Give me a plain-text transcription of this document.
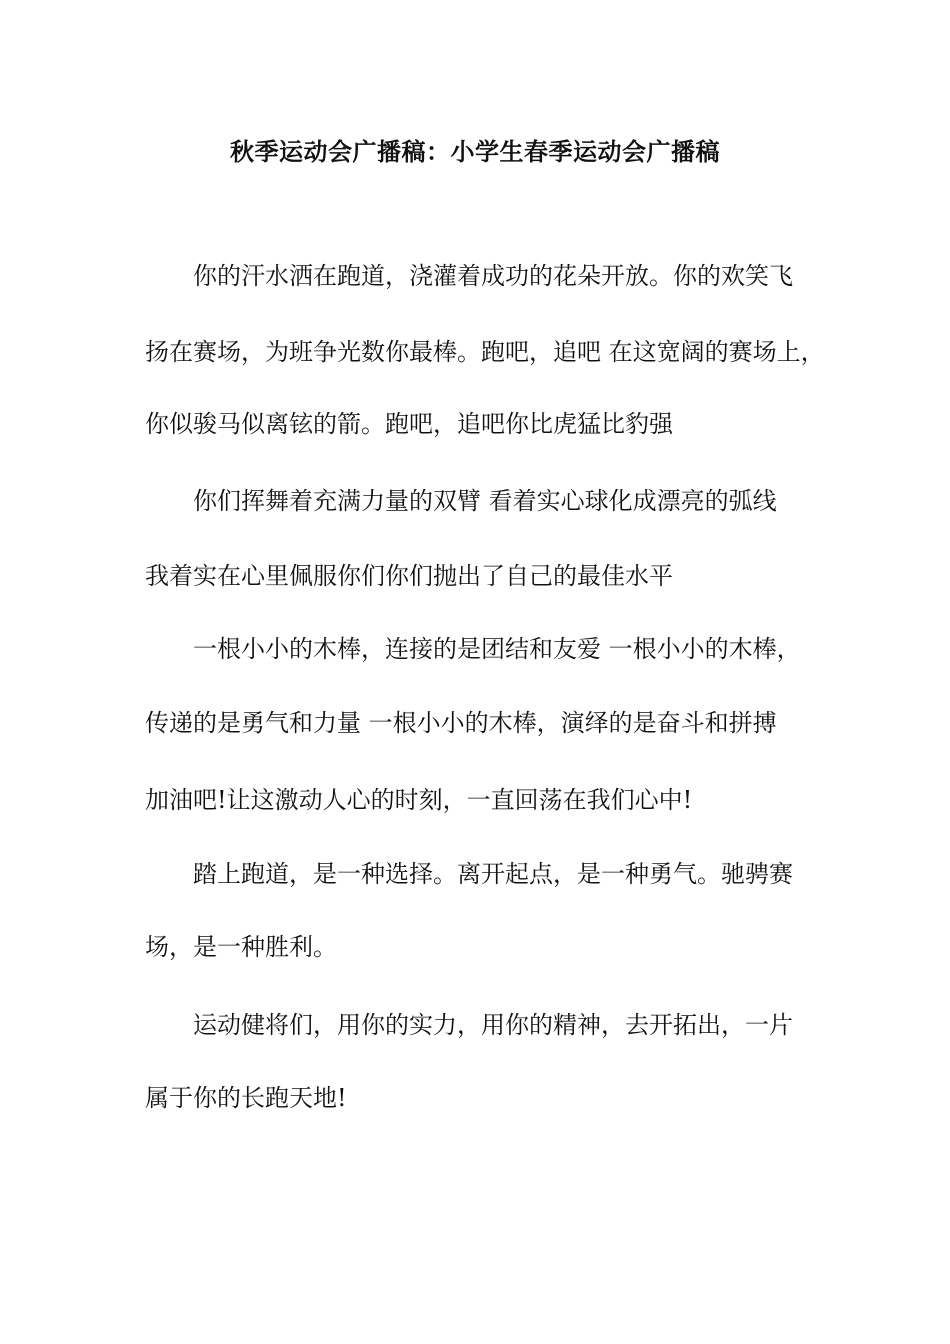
秋季运动会广播稿：小学生春季运动会广播稿
你的汗水洒在跑道，浇灌着成功的花朵开放。你的欢笑飞
扬在赛场，为班争光数你最棒。跑吧，追吧 在这宽阔的赛场上，
你似骏马似离铉的箭。跑吧，追吧你比虎猛比豹强
你们挥舞着充满力量的双臂 看着实心球化成漂亮的弧线
我着实在心里佩服你们你们抛出了自己的最佳水平
一根小小的木棒，连接的是团结和友爱 一根小小的木棒，
传递的是勇气和力量 一根小小的木棒，演绎的是奋斗和拼搏
加油吧!让这激动人心的时刻，一直回荡在我们心中!
踏上跑道，是一种选择。离开起点，是一种勇气。驰骋赛
场，是一种胜利。
运动健将们，用你的实力，用你的精神，去开拓出，一片
属于你的长跑天地!
